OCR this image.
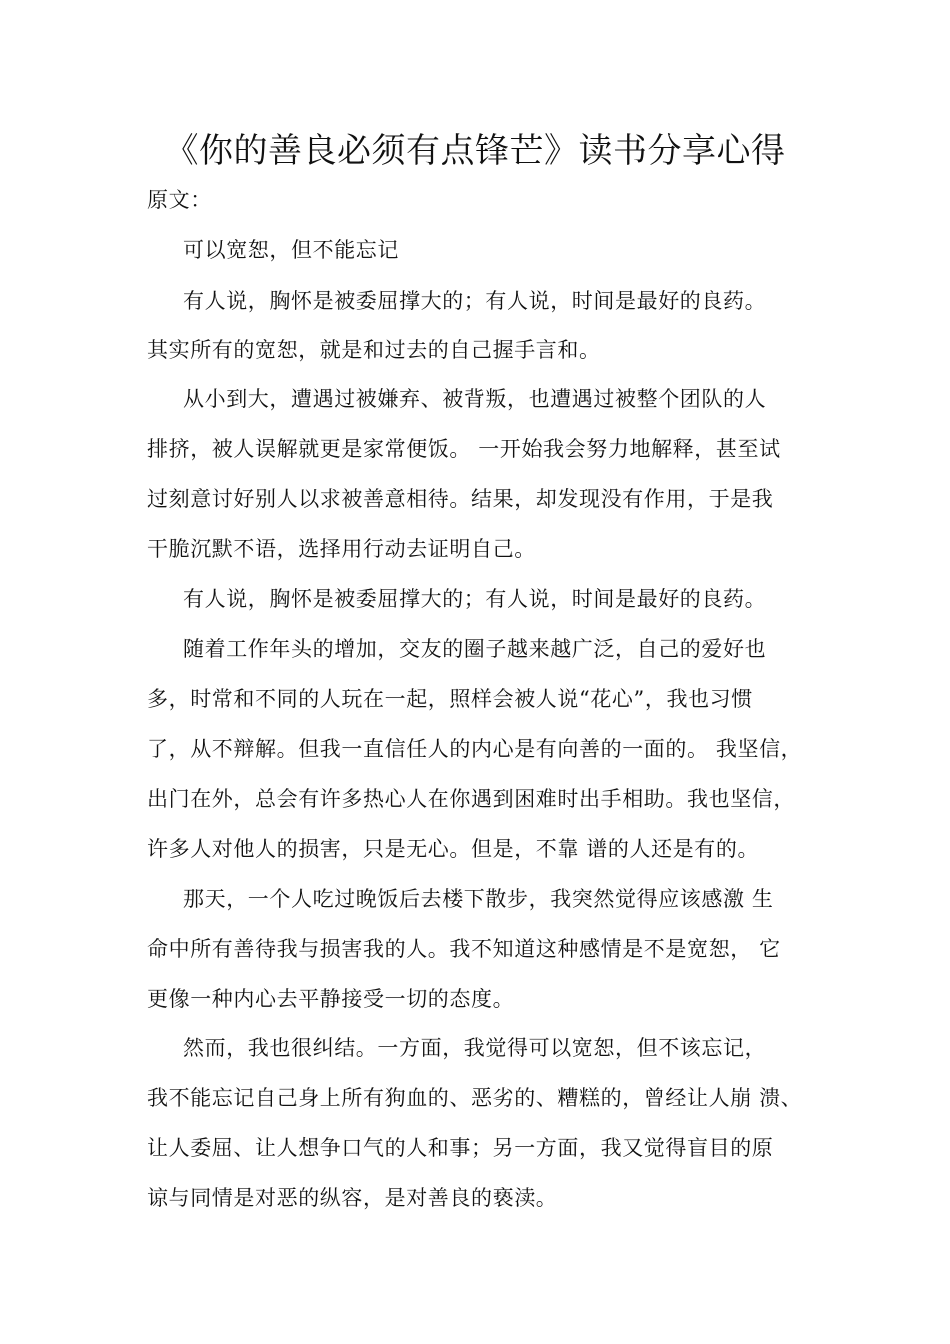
《你的善良必须有点锋芒》读书分享心得
原文：
可以宽恕，但不能忘记
有人说，胸怀是被委屈撑大的；有人说，时间是最好的良药。
其实所有的宽恕，就是和过去的自己握手言和。
从小到大，遭遇过被嫌弃、被背叛，也遭遇过被整个团队的人
排挤，被人误解就更是家常便饭。 一开始我会努力地解释，甚至试
过刻意讨好别人以求被善意相待。结果，却发现没有作用，于是我
干脆沉默不语，选择用行动去证明自己。
有人说，胸怀是被委屈撑大的；有人说，时间是最好的良药。
随着工作年头的增加，交友的圈子越来越广泛，自己的爱好也
多，时常和不同的人玩在一起，照样会被人说“花心”，我也习惯
了，从不辩解。但我一直信任人的内心是有向善的一面的。 我坚信，
出门在外，总会有许多热心人在你遇到困难时出手相助。我也坚信，
许多人对他人的损害，只是无心。但是，不靠 谱的人还是有的。
那天，一个人吃过晚饭后去楼下散步，我突然觉得应该感激 生
命中所有善待我与损害我的人。我不知道这种感情是不是宽恕， 它
更像一种内心去平静接受一切的态度。
然而，我也很纠结。一方面，我觉得可以宽恕，但不该忘记，
我不能忘记自己身上所有狗血的、恶劣的、糟糕的，曾经让人崩 溃、
让人委屈、让人想争口气的人和事；另一方面，我又觉得盲目的原
谅与同情是对恶的纵容，是对善良的亵渎。
